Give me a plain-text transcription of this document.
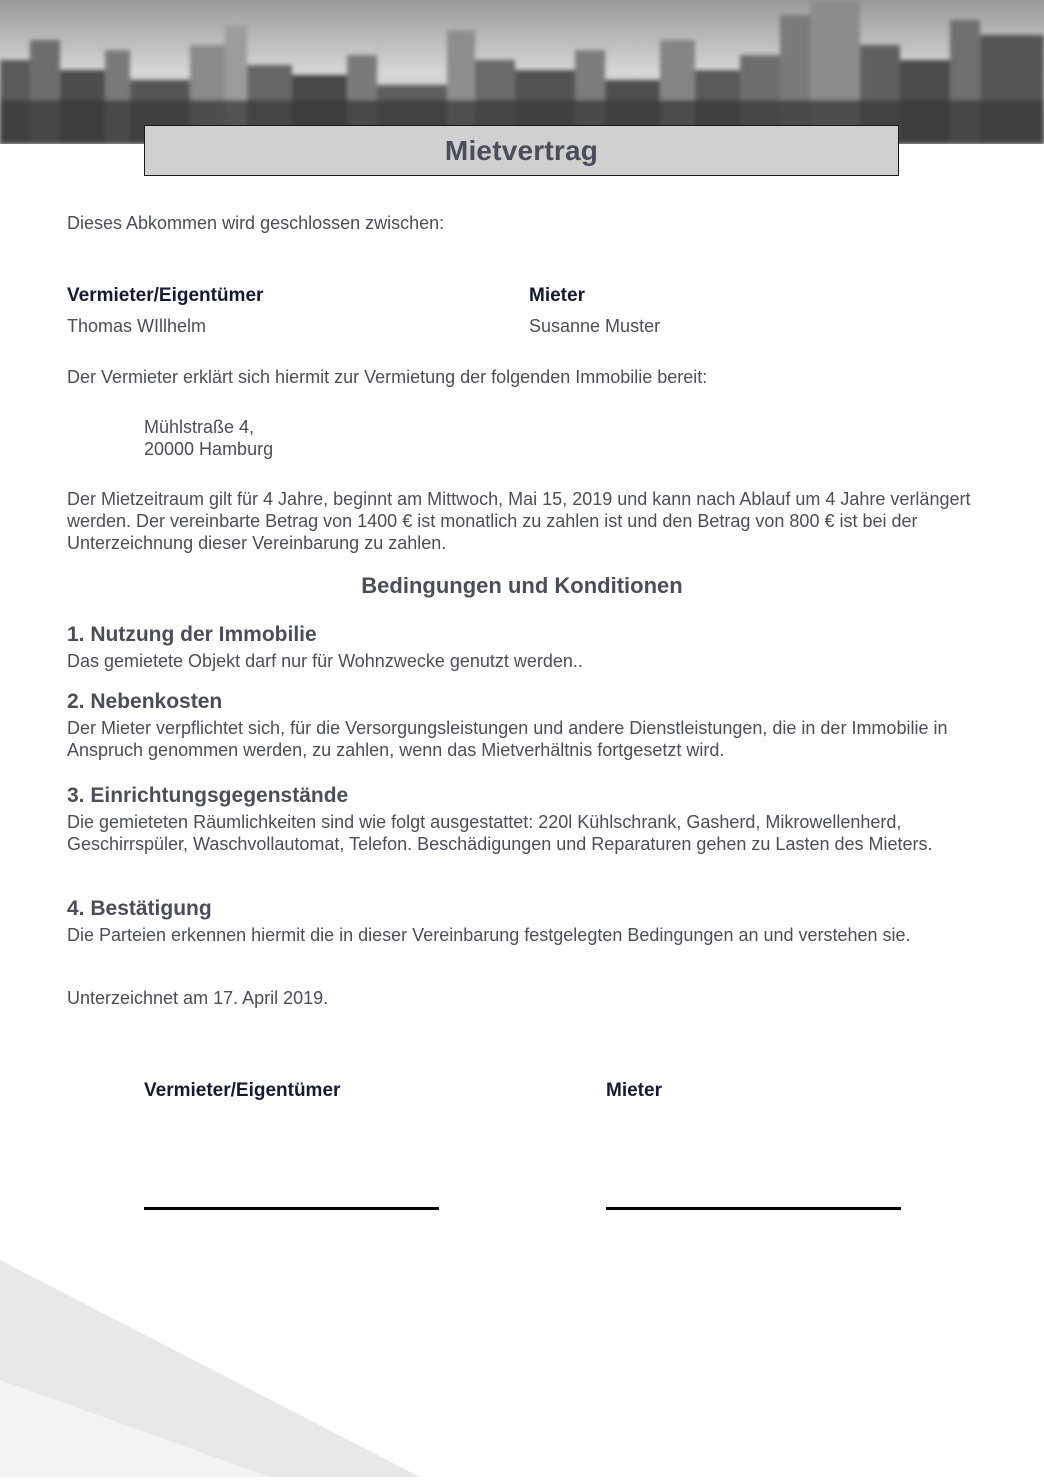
Mietvertrag
Dieses Abkommen wird geschlossen zwischen:
Vermieter/Eigentümer
Thomas WIllhelm
Mieter
Susanne Muster
Der Vermieter erklärt sich hiermit zur Vermietung der folgenden Immobilie bereit:
Mühlstraße 4,
20000 Hamburg
Der Mietzeitraum gilt für 4 Jahre, beginnt am Mittwoch, Mai 15, 2019 und kann nach Ablauf um 4 Jahre verlängert werden. Der vereinbarte Betrag von 1400 € ist monatlich zu zahlen ist und den Betrag von 800 € ist bei der Unterzeichnung dieser Vereinbarung zu zahlen.
Bedingungen und Konditionen
1. Nutzung der Immobilie
Das gemietete Objekt darf nur für Wohnzwecke genutzt werden..
2. Nebenkosten
Der Mieter verpflichtet sich, für die Versorgungsleistungen und andere Dienstleistungen, die in der Immobilie in Anspruch genommen werden, zu zahlen, wenn das Mietverhältnis fortgesetzt wird.
3. Einrichtungsgegenstände
Die gemieteten Räumlichkeiten sind wie folgt ausgestattet: 220l Kühlschrank, Gasherd, Mikrowellenherd, Geschirrspüler, Waschvollautomat, Telefon. Beschädigungen und Reparaturen gehen zu Lasten des Mieters.
4. Bestätigung
Die Parteien erkennen hiermit die in dieser Vereinbarung festgelegten Bedingungen an und verstehen sie.
Unterzeichnet am 17. April 2019.
Vermieter/Eigentümer	Mieter
